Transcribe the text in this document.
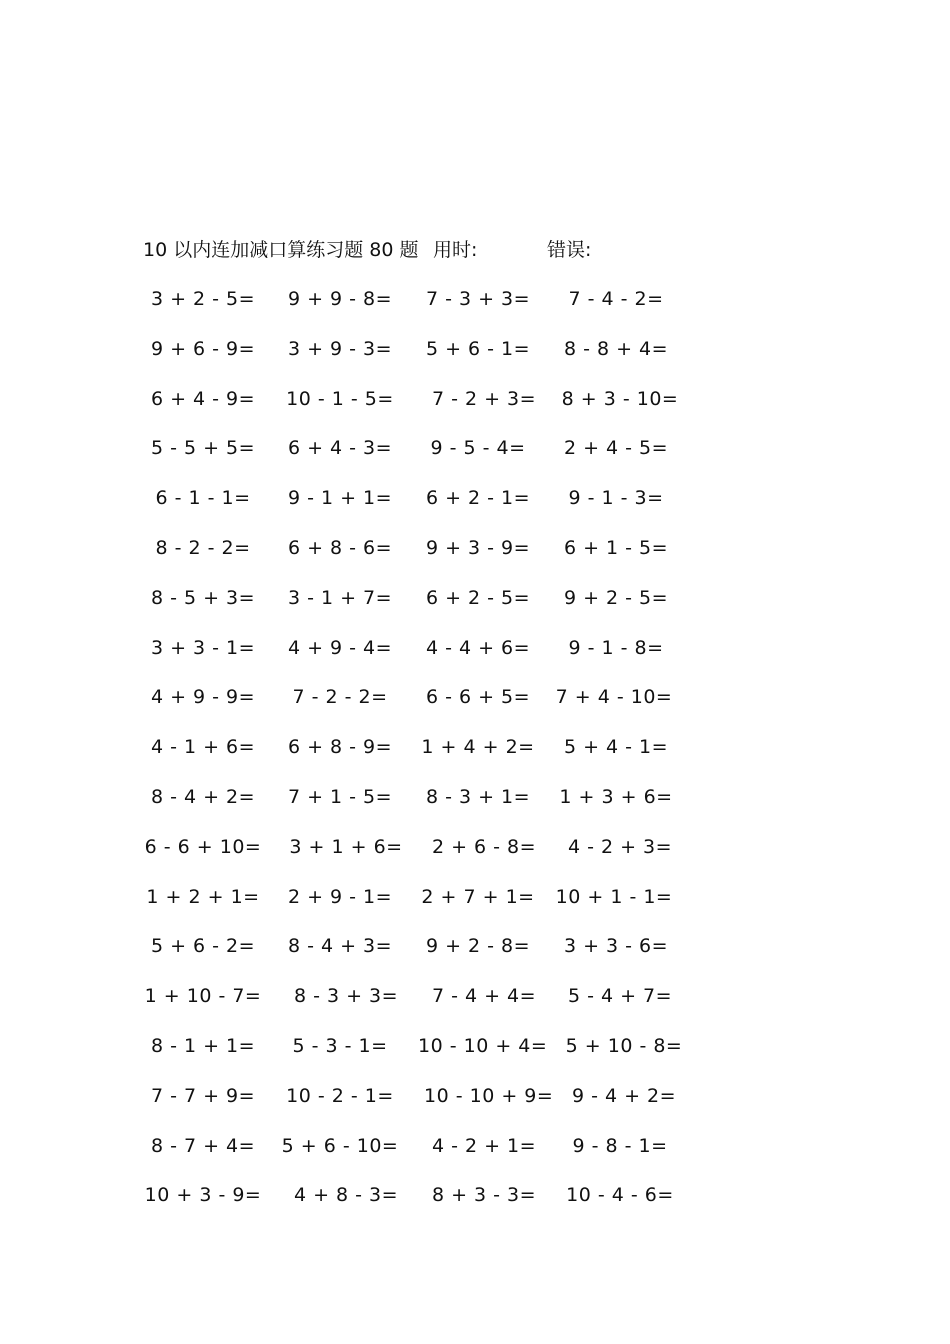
10 以内连加减口算练习题 80 题 用时:	错误:
3 + 2 - 5=	9 + 9 - 8=	7 - 3 + 3=	7 - 4 - 2=
9 + 6 - 9=	3 + 9 - 3=	5 + 6 - 1=	8 - 8 + 4=
6 + 4 - 9=	10 - 1 - 5=	7 - 2 + 3=	8 + 3 - 10=
5 - 5 + 5=	6 + 4 - 3=	9 - 5 - 4=	2 + 4 - 5=
6 - 1 - 1=	9 - 1 + 1=	6 + 2 - 1=	9 - 1 - 3=
8 - 2 - 2=	6 + 8 - 6=	9 + 3 - 9=	6 + 1 - 5=
8 - 5 + 3=	3 - 1 + 7=	6 + 2 - 5=	9 + 2 - 5=
3 + 3 - 1=	4 + 9 - 4=	4 - 4 + 6=	9 - 1 - 8=
4 + 9 - 9=	7 - 2 - 2=	6 - 6 + 5=	7 + 4 - 10=
4 - 1 + 6=	6 + 8 - 9=	1 + 4 + 2=	5 + 4 - 1=
8 - 4 + 2=	7 + 1 - 5=	8 - 3 + 1=	1 + 3 + 6=
6 - 6 + 10= 3 + 1 + 6=	2 + 6 - 8=	4 - 2 + 3=
1 + 2 + 1=	2 + 9 - 1=	2 + 7 + 1= 10 + 1 - 1=
5 + 6 - 2=	8 - 4 + 3=	9 + 2 - 8=	3 + 3 - 6=
1 + 10 - 7=	8 - 3 + 3=	7 - 4 + 4=	5 - 4 + 7=
8 - 1 + 1=	5 - 3 - 1=	10 - 10 + 4= 5 + 10 - 8=
7 - 7 + 9=	10 - 2 - 1=	10 - 10 + 9= 9 - 4 + 2=
8 - 7 + 4=	5 + 6 - 10=	4 - 2 + 1=	9 - 8 - 1=
10 + 3 - 9=	4 + 8 - 3=	8 + 3 - 3=	10 - 4 - 6=
